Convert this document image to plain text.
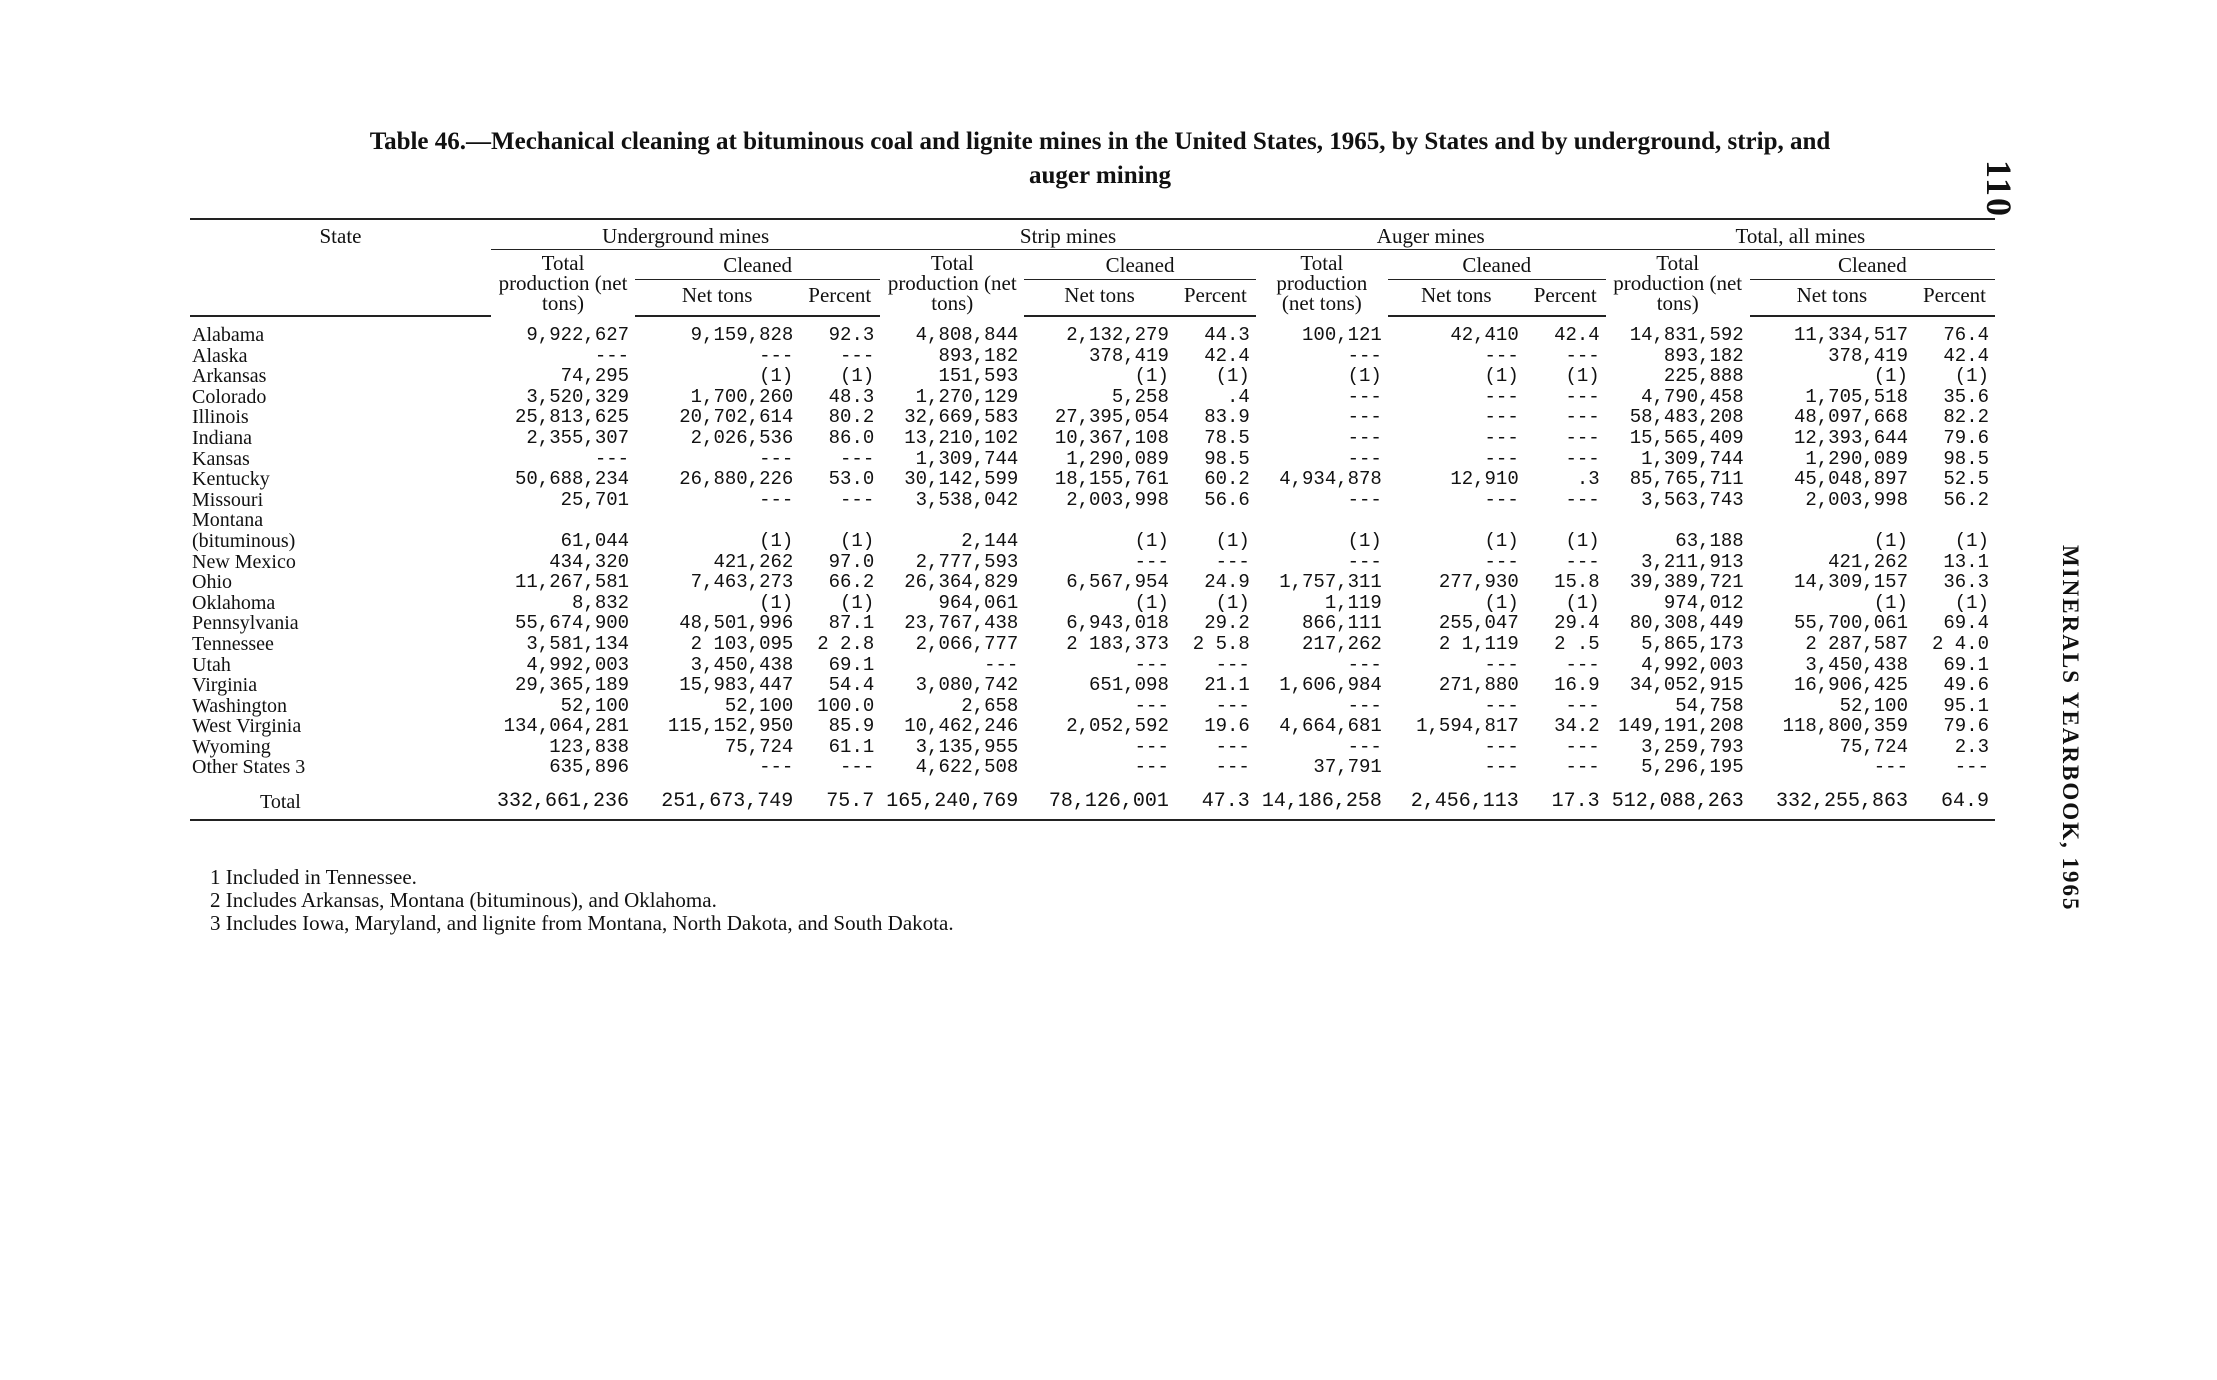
Table 46.—Mechanical cleaning at bituminous coal and lignite mines in the United States, 1965, by States and by underground, strip, and
auger mining	110
MINERALS YEARBOOK, 1965
State	Underground mines			Strip mines			Auger mines			Total, all mines		
	Total production (net tons)	Cleaned		Total production (net tons)	Cleaned		Total production (net tons)	Cleaned		Total production (net tons)	Cleaned	
		Net tons	Percent		Net tons	Percent		Net tons	Percent		Net tons	Percent
Alabama	9,922,627	9,159,828	92.3	4,808,844	2,132,279	44.3	100,121	42,410	42.4	14,831,592	11,334,517	76.4
Alaska	---	---	---	893,182	378,419	42.4	---	---	---	893,182	378,419	42.4
Arkansas	74,295	(1)	(1)	151,593	(1)	(1)	(1)	(1)	(1)	225,888	(1)	(1)
Colorado	3,520,329	1,700,260	48.3	1,270,129	5,258	.4	---	---	---	4,790,458	1,705,518	35.6
Illinois	25,813,625	20,702,614	80.2	32,669,583	27,395,054	83.9	---	---	---	58,483,208	48,097,668	82.2
Indiana	2,355,307	2,026,536	86.0	13,210,102	10,367,108	78.5	---	---	---	15,565,409	12,393,644	79.6
Kansas	---	---	---	1,309,744	1,290,089	98.5	---	---	---	1,309,744	1,290,089	98.5
Kentucky	50,688,234	26,880,226	53.0	30,142,599	18,155,761	60.2	4,934,878	12,910	.3	85,765,711	45,048,897	52.5
Missouri	25,701	---	---	3,538,042	2,003,998	56.6	---	---	---	3,563,743	2,003,998	56.2
Montana												
(bituminous)	61,044	(1)	(1)	2,144	(1)	(1)	(1)	(1)	(1)	63,188	(1)	(1)
New Mexico	434,320	421,262	97.0	2,777,593	---	---	---	---	---	3,211,913	421,262	13.1
Ohio	11,267,581	7,463,273	66.2	26,364,829	6,567,954	24.9	1,757,311	277,930	15.8	39,389,721	14,309,157	36.3
Oklahoma	8,832	(1)	(1)	964,061	(1)	(1)	1,119	(1)	(1)	974,012	(1)	(1)
Pennsylvania	55,674,900	48,501,996	87.1	23,767,438	6,943,018	29.2	866,111	255,047	29.4	80,308,449	55,700,061	69.4
Tennessee	3,581,134	2 103,095	2 2.8	2,066,777	2 183,373	2 5.8	217,262	2 1,119	2 .5	5,865,173	2 287,587	2 4.0
Utah	4,992,003	3,450,438	69.1	---	---	---	---	---	---	4,992,003	3,450,438	69.1
Virginia	29,365,189	15,983,447	54.4	3,080,742	651,098	21.1	1,606,984	271,880	16.9	34,052,915	16,906,425	49.6
Washington	52,100	52,100	100.0	2,658	---	---	---	---	---	54,758	52,100	95.1
West Virginia	134,064,281	115,152,950	85.9	10,462,246	2,052,592	19.6	4,664,681	1,594,817	34.2	149,191,208	118,800,359	79.6
Wyoming	123,838	75,724	61.1	3,135,955	---	---	---	---	---	3,259,793	75,724	2.3
Other States 3	635,896	---	---	4,622,508	---	---	37,791	---	---	5,296,195	---	---
Total	332,661,236	251,673,749	75.7	165,240,769	78,126,001	47.3	14,186,258	2,456,113	17.3	512,088,263	332,255,863	64.9
1 Included in Tennessee.
2 Includes Arkansas, Montana (bituminous), and Oklahoma.
3 Includes Iowa, Maryland, and lignite from Montana, North Dakota, and South Dakota.
